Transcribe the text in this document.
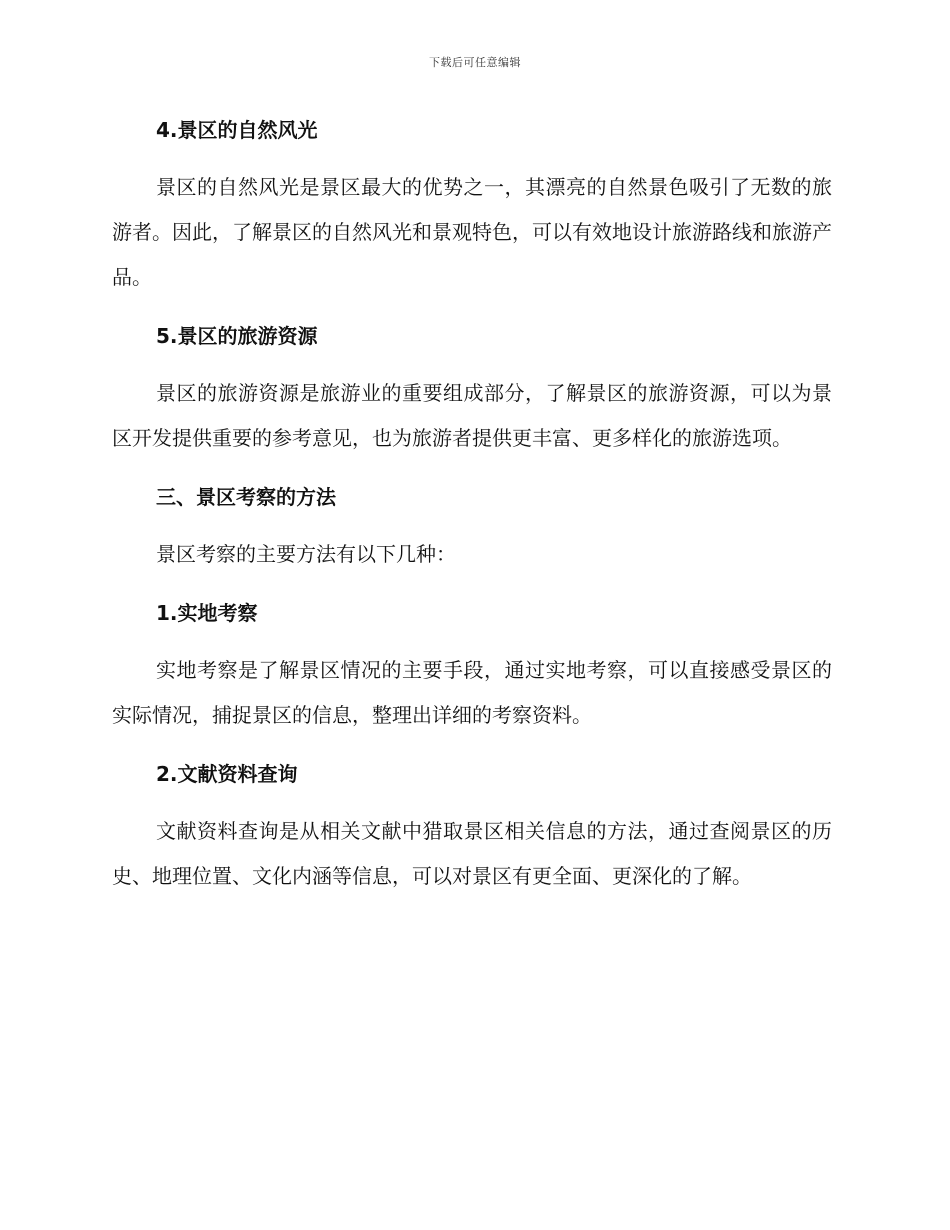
下载后可任意编辑
4.景区的自然风光

景区的自然风光是景区最大的优势之一，其漂亮的自然景色吸引了无数的旅游者。因此，了解景区的自然风光和景观特色，可以有效地设计旅游路线和旅游产品。

5.景区的旅游资源

景区的旅游资源是旅游业的重要组成部分，了解景区的旅游资源，可以为景区开发提供重要的参考意见，也为旅游者提供更丰富、更多样化的旅游选项。

三、景区考察的方法

景区考察的主要方法有以下几种：

1.实地考察

实地考察是了解景区情况的主要手段，通过实地考察，可以直接感受景区的实际情况，捕捉景区的信息，整理出详细的考察资料。

2.文献资料查询

文献资料查询是从相关文献中猎取景区相关信息的方法，通过查阅景区的历史、地理位置、文化内涵等信息，可以对景区有更全面、更深化的了解。
